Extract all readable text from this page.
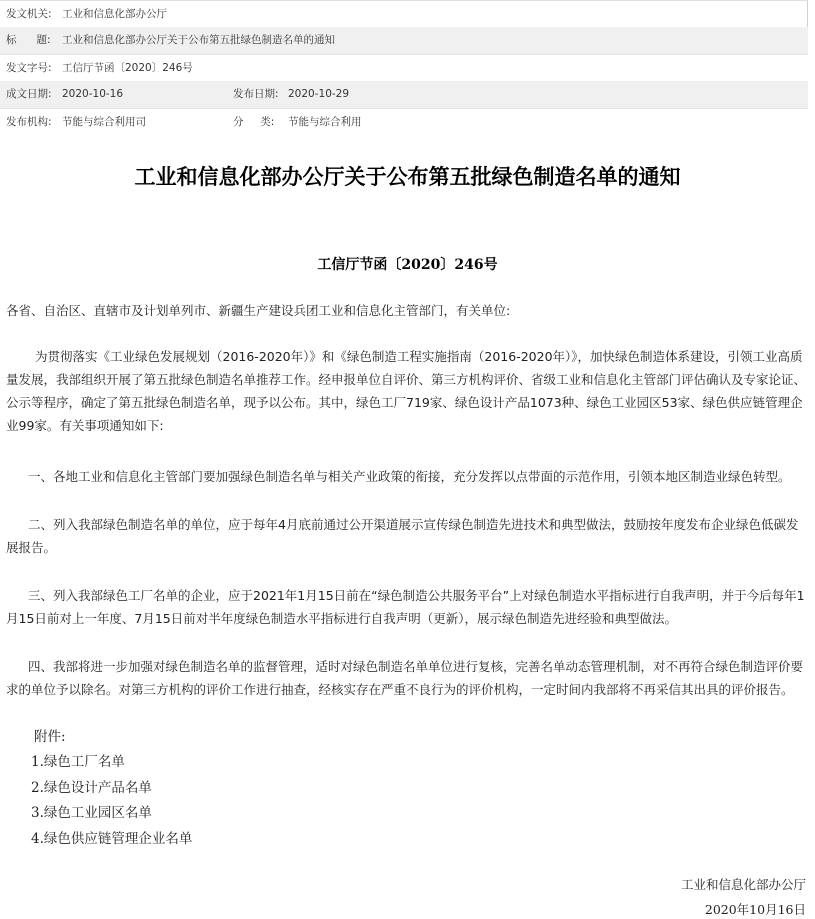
发文机关: 工业和信息化部办公厅
标      题: 工业和信息化部办公厅关于公布第五批绿色制造名单的通知
发文字号: 工信厅节函〔2020〕246号
成文日期: 2020-10-16	发布日期: 2020-10-29
发布机构: 节能与综合利用司	分     类: 节能与综合利用
工业和信息化部办公厅关于公布第五批绿色制造名单的通知
工信厅节函〔2020〕246号
各省、自治区、直辖市及计划单列市、新疆生产建设兵团工业和信息化主管部门，有关单位:
为贯彻落实《工业绿色发展规划（2016-2020年）》和《绿色制造工程实施指南（2016-2020年）》，加快绿色制造体系建设，引领工业高质量发展，我部组织开展了第五批绿色制造名单推荐工作。经申报单位自评价、第三方机构评价、省级工业和信息化主管部门评估确认及专家论证、公示等程序，确定了第五批绿色制造名单，现予以公布。其中，绿色工厂719家、绿色设计产品1073种、绿色工业园区53家、绿色供应链管理企业99家。有关事项通知如下:
一、各地工业和信息化主管部门要加强绿色制造名单与相关产业政策的衔接，充分发挥以点带面的示范作用，引领本地区制造业绿色转型。
二、列入我部绿色制造名单的单位，应于每年4月底前通过公开渠道展示宣传绿色制造先进技术和典型做法，鼓励按年度发布企业绿色低碳发展报告。
三、列入我部绿色工厂名单的企业，应于2021年1月15日前在“绿色制造公共服务平台”上对绿色制造水平指标进行自我声明，并于今后每年1月15日前对上一年度、7月15日前对半年度绿色制造水平指标进行自我声明（更新），展示绿色制造先进经验和典型做法。
四、我部将进一步加强对绿色制造名单的监督管理，适时对绿色制造名单单位进行复核，完善名单动态管理机制，对不再符合绿色制造评价要求的单位予以除名。对第三方机构的评价工作进行抽查，经核实存在严重不良行为的评价机构，一定时间内我部将不再采信其出具的评价报告。
附件:
1.绿色工厂名单
2.绿色设计产品名单
3.绿色工业园区名单
4.绿色供应链管理企业名单
工业和信息化部办公厅
2020年10月16日
